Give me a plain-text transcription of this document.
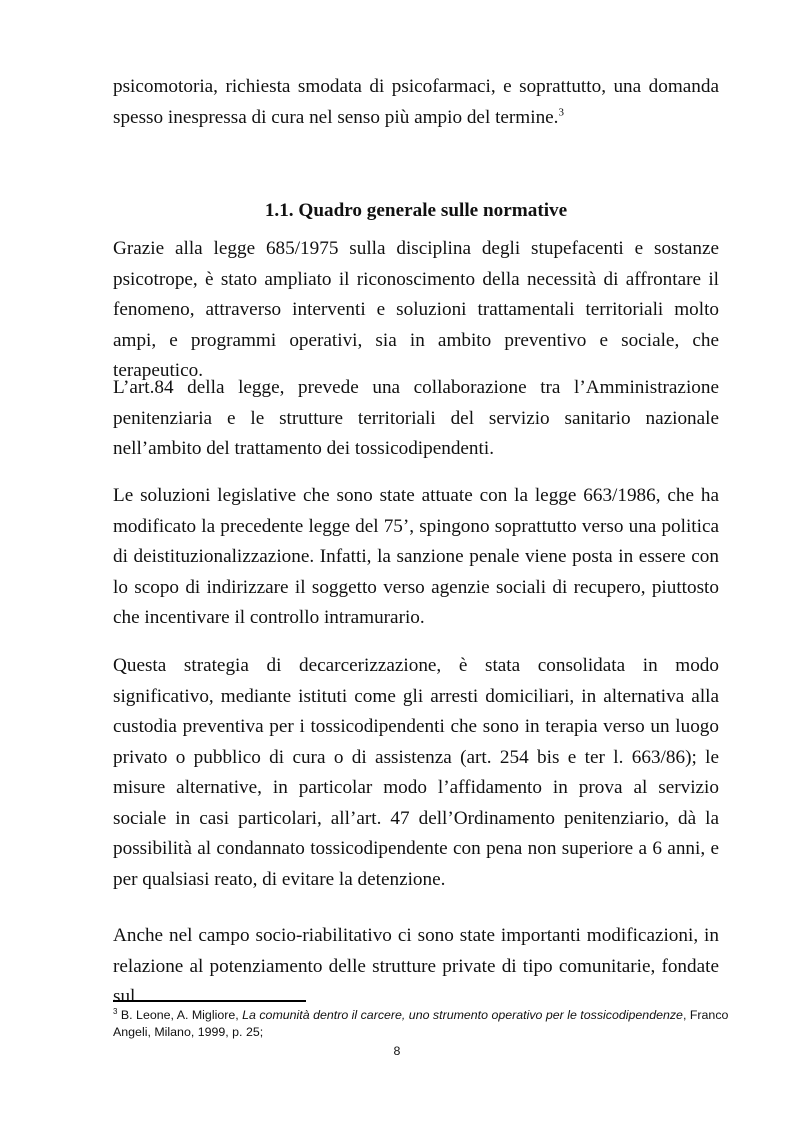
psicomotoria, richiesta smodata di psicofarmaci, e soprattutto, una domanda spesso inespressa di cura nel senso più ampio del termine.$^3$
1.1. Quadro generale sulle normative
Grazie alla legge 685/1975 sulla disciplina degli stupefacenti e sostanze psicotrope, è stato ampliato il riconoscimento della necessità di affrontare il fenomeno, attraverso interventi e soluzioni trattamentali territoriali molto ampi, e programmi operativi, sia in ambito preventivo e sociale, che terapeutico.
L’art.84 della legge, prevede una collaborazione tra l’Amministrazione penitenziaria e le strutture territoriali del servizio sanitario nazionale nell’ambito del trattamento dei tossicodipendenti.
Le soluzioni legislative che sono state attuate con la legge 663/1986, che ha modificato la precedente legge del 75’, spingono soprattutto verso una politica di deistituzionalizzazione. Infatti, la sanzione penale viene posta in essere con lo scopo di indirizzare il soggetto verso agenzie sociali di recupero, piuttosto che incentivare il controllo intramurario.
Questa strategia di decarcerizzazione, è stata consolidata in modo significativo, mediante istituti come gli arresti domiciliari, in alternativa alla custodia preventiva per i tossicodipendenti che sono in terapia verso un luogo privato o pubblico di cura o di assistenza (art. 254 bis e ter l. 663/86); le misure alternative, in particolar modo l’affidamento in prova al servizio sociale in casi particolari, all’art. 47 dell’Ordinamento penitenziario, dà la possibilità al condannato tossicodipendente con pena non superiore a 6 anni, e per qualsiasi reato, di evitare la detenzione.
Anche nel campo socio-riabilitativo ci sono state importanti modificazioni, in relazione al potenziamento delle strutture private di tipo comunitarie, fondate sul
$^3$ B. Leone, A. Migliore, La comunità dentro il carcere, uno strumento operativo per le tossicodipendenze, Franco Angeli, Milano, 1999, p. 25;
8
